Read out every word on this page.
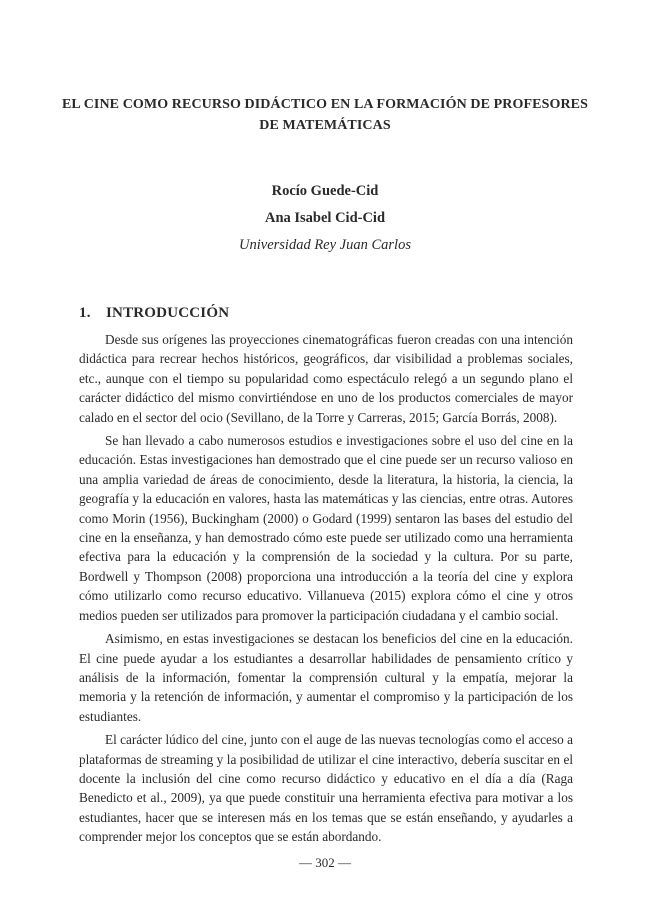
EL CINE COMO RECURSO DIDÁCTICO EN LA FORMACIÓN DE PROFESORES DE MATEMÁTICAS

Rocío Guede-Cid

Ana Isabel Cid-Cid

Universidad Rey Juan Carlos

1. INTRODUCCIÓN

Desde sus orígenes las proyecciones cinematográficas fueron creadas con una intención didáctica para recrear hechos históricos, geográficos, dar visibilidad a problemas sociales, etc., aunque con el tiempo su popularidad como espectáculo relegó a un segundo plano el carácter didáctico del mismo convirtiéndose en uno de los productos comerciales de mayor calado en el sector del ocio (Sevillano, de la Torre y Carreras, 2015; García Borrás, 2008).

Se han llevado a cabo numerosos estudios e investigaciones sobre el uso del cine en la educación. Estas investigaciones han demostrado que el cine puede ser un recurso valioso en una amplia variedad de áreas de conocimiento, desde la literatura, la historia, la ciencia, la geografía y la educación en valores, hasta las matemáticas y las ciencias, entre otras. Autores como Morin (1956), Buckingham (2000) o Godard (1999) sentaron las bases del estudio del cine en la enseñanza, y han demostrado cómo este puede ser utilizado como una herramienta efectiva para la educación y la comprensión de la sociedad y la cultura. Por su parte, Bordwell y Thompson (2008) proporciona una introducción a la teoría del cine y explora cómo utilizarlo como recurso educativo. Villanueva (2015) explora cómo el cine y otros medios pueden ser utilizados para promover la participación ciudadana y el cambio social.

Asimismo, en estas investigaciones se destacan los beneficios del cine en la educación. El cine puede ayudar a los estudiantes a desarrollar habilidades de pensamiento crítico y análisis de la información, fomentar la comprensión cultural y la empatía, mejorar la memoria y la retención de información, y aumentar el compromiso y la participación de los estudiantes.

El carácter lúdico del cine, junto con el auge de las nuevas tecnologías como el acceso a plataformas de streaming y la posibilidad de utilizar el cine interactivo, debería suscitar en el docente la inclusión del cine como recurso didáctico y educativo en el día a día (Raga Benedicto et al., 2009), ya que puede constituir una herramienta efectiva para motivar a los estudiantes, hacer que se interesen más en los temas que se están enseñando, y ayudarles a comprender mejor los conceptos que se están abordando.

— 302 —
